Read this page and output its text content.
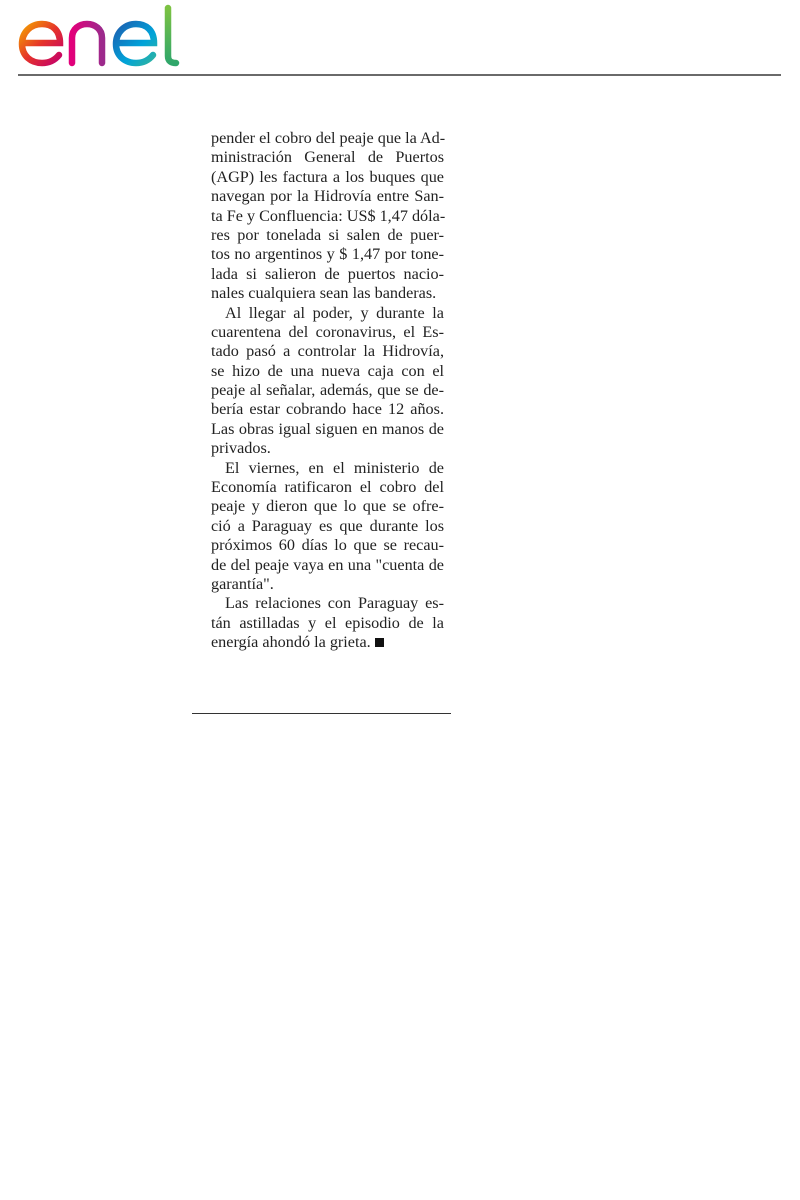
pender el cobro del peaje que la Ad-
ministración General de Puertos
(AGP) les factura a los buques que
navegan por la Hidrovía entre San-
ta Fe y Confluencia: US$ 1,47 dóla-
res por tonelada si salen de puer-
tos no argentinos y $ 1,47 por tone-
lada si salieron de puertos nacio-
nales cualquiera sean las banderas.
Al llegar al poder, y durante la
cuarentena del coronavirus, el Es-
tado pasó a controlar la Hidrovía,
se hizo de una nueva caja con el
peaje al señalar, además, que se de-
bería estar cobrando hace 12 años.
Las obras igual siguen en manos de
privados.
El viernes, en el ministerio de
Economía ratificaron el cobro del
peaje y dieron que lo que se ofre-
ció a Paraguay es que durante los
próximos 60 días lo que se recau-
de del peaje vaya en una "cuenta de
garantía".
Las relaciones con Paraguay es-
tán astilladas y el episodio de la
energía ahondó la grieta.
